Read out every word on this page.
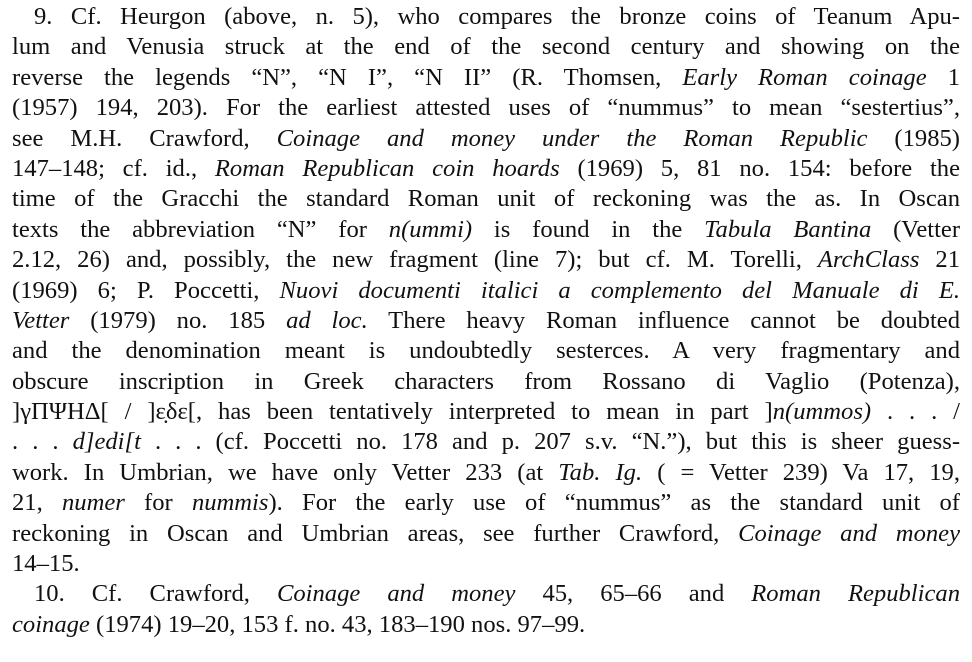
9. Cf. Heurgon (above, n. 5), who compares the bronze coins of Teanum Apu-
lum and Venusia struck at the end of the second century and showing on the
reverse the legends “N”, “N I”, “N II” (R. Thomsen, Early Roman coinage 1
(1957) 194, 203). For the earliest attested uses of “nummus” to mean “sestertius”,
see M.H. Crawford, Coinage and money under the Roman Republic (1985)
147–148; cf. id., Roman Republican coin hoards (1969) 5, 81 no. 154: before the
time of the Gracchi the standard Roman unit of reckoning was the as. In Oscan
texts the abbreviation “N” for n(ummi) is found in the Tabula Bantina (Vetter
2.12, 26) and, possibly, the new fragment (line 7); but cf. M. Torelli, ArchClass 21
(1969) 6; P. Poccetti, Nuovi documenti italici a complemento del Manuale di E.
Vetter (1979) no. 185 ad loc. There heavy Roman influence cannot be doubted
and the denomination meant is undoubtedly sesterces. A very fragmentary and
obscure inscription in Greek characters from Rossano di Vaglio (Potenza),
]γΠΨΗΔ[ / ]ε̣δε[, has been tentatively interpreted to mean in part ]n(ummos) . . . /
. . . d]edi[t . . . (cf. Poccetti no. 178 and p. 207 s.v. “N.”), but this is sheer guess-
work. In Umbrian, we have only Vetter 233 (at Tab. Ig. ( = Vetter 239) Va 17, 19,
21, numer for nummis). For the early use of “nummus” as the standard unit of
reckoning in Oscan and Umbrian areas, see further Crawford, Coinage and money
14–15.
10. Cf. Crawford, Coinage and money 45, 65–66 and Roman Republican
coinage (1974) 19–20, 153 f. no. 43, 183–190 nos. 97–99.
